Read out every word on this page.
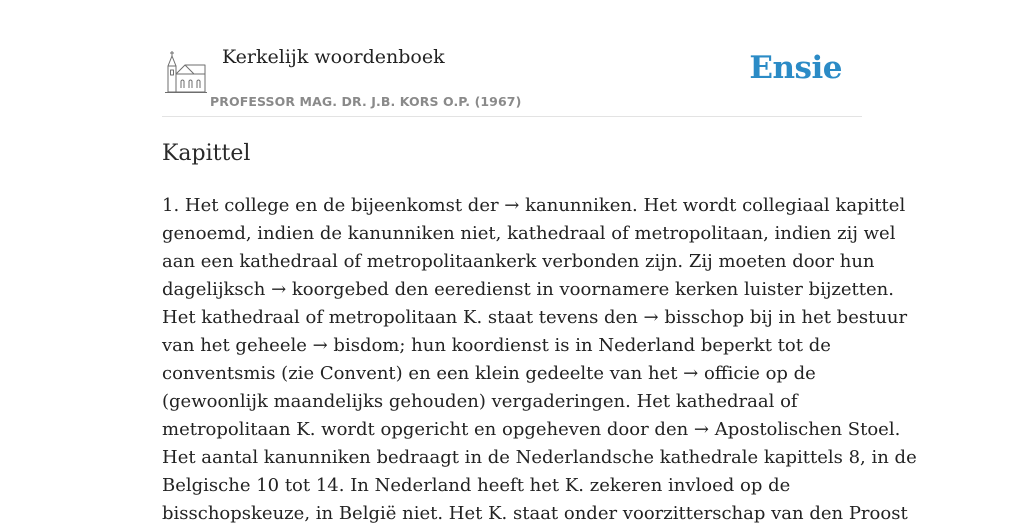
Kerkelijk woordenboek
PROFESSOR MAG. DR. J.B. KORS O.P. (1967)
Ensie
Kapittel

1. Het college en de bijeenkomst der → kanunniken. Het wordt collegiaal kapittel
genoemd, indien de kanunniken niet, kathedraal of metropolitaan, indien zij wel
aan een kathedraal of metropolitaankerk verbonden zijn. Zij moeten door hun
dagelijksch → koorgebed den eeredienst in voornamere kerken luister bijzetten.
Het kathedraal of metropolitaan K. staat tevens den → bisschop bij in het bestuur
van het geheele → bisdom; hun koordienst is in Nederland beperkt tot de
conventsmis (zie Convent) en een klein gedeelte van het → officie op de
(gewoonlijk maandelijks gehouden) vergaderingen. Het kathedraal of
metropolitaan K. wordt opgericht en opgeheven door den → Apostolischen Stoel.
Het aantal kanunniken bedraagt in de Nederlandsche kathedrale kapittels 8, in de
Belgische 10 tot 14. In Nederland heeft het K. zekeren invloed op de
bisschopskeuze, in België niet. Het K. staat onder voorzitterschap van den Proost
